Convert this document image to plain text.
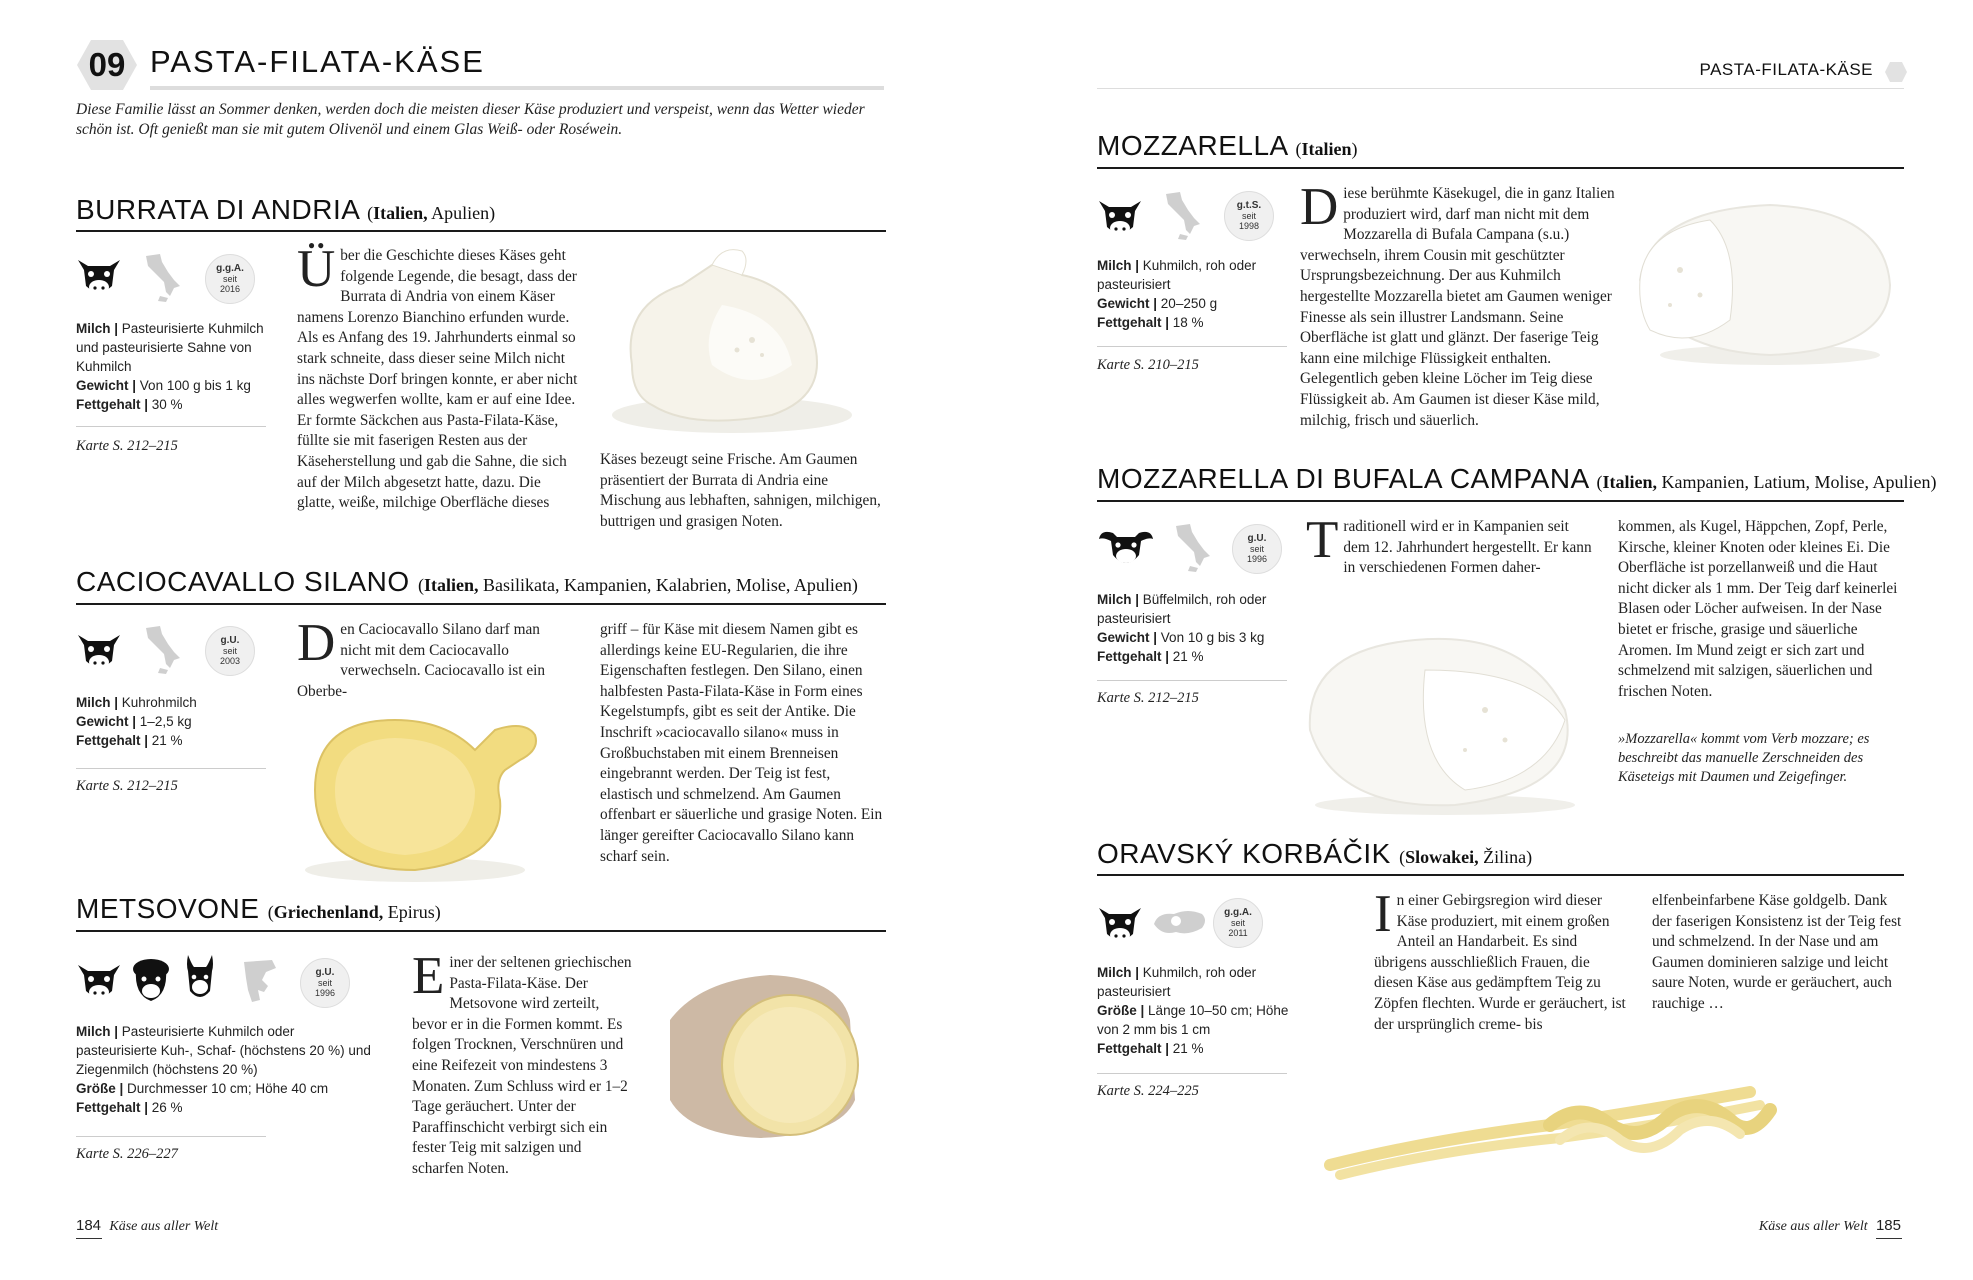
09 PASTA-FILATA-KÄSE
Diese Familie lässt an Sommer denken, werden doch die meisten dieser Käse produziert und verspeist, wenn das Wetter wieder schön ist. Oft genießt man sie mit gutem Olivenöl und einem Glas Weiß- oder Roséwein.
BURRATA DI ANDRIA (Italien, Apulien)
g.g.A.
seit
2016
Milch | Pasteurisierte Kuhmilch und pasteurisierte Sahne von Kuhmilch
Gewicht | Von 100 g bis 1 kg
Fettgehalt | 30 %
Karte S. 212–215
Über die Geschichte dieses Käses geht folgende Legende, die besagt, dass der Burrata di Andria von einem Käser namens Lorenzo Bianchino erfunden wurde. Als es Anfang des 19. Jahrhunderts einmal so stark schneite, dass dieser seine Milch nicht ins nächste Dorf bringen konnte, er aber nicht alles wegwerfen wollte, kam er auf eine Idee. Er formte Säckchen aus Pasta-Filata-Käse, füllte sie mit faserigen Resten aus der Käseherstellung und gab die Sahne, die sich auf der Milch abgesetzt hatte, dazu. Die glatte, weiße, milchige Oberfläche dieses
Käses bezeugt seine Frische. Am Gaumen präsentiert der Burrata di Andria eine Mischung aus lebhaften, sahnigen, milchigen, buttrigen und grasigen Noten.
CACIOCAVALLO SILANO (Italien, Basilikata, Kampanien, Kalabrien, Molise, Apulien)
g.U.
seit
2003
Milch | Kuhrohmilch
Gewicht | 1–2,5 kg
Fettgehalt | 21 %
Karte S. 212–215
Den Caciocavallo Silano darf man nicht mit dem Caciocavallo verwechseln. Caciocavallo ist ein Oberbe-
griff – für Käse mit diesem Namen gibt es allerdings keine EU-Regularien, die ihre Eigenschaften festlegen. Den Silano, einen halbfesten Pasta-Filata-Käse in Form eines Kegelstumpfs, gibt es seit der Antike. Die Inschrift »caciocavallo silano« muss in Großbuchstaben mit einem Brenneisen eingebrannt werden. Der Teig ist fest, elastisch und schmelzend. Am Gaumen offenbart er säuerliche und grasige Noten. Ein länger gereifter Caciocavallo Silano kann scharf sein.
METSOVONE (Griechenland, Epirus)
g.U.
seit
1996
Milch | Pasteurisierte Kuhmilch oder pasteurisierte Kuh-, Schaf- (höchstens 20 %) und Ziegenmilch (höchstens 20 %)
Größe | Durchmesser 10 cm; Höhe 40 cm
Fettgehalt | 26 %
Karte S. 226–227
Einer der seltenen griechischen Pasta-Filata-Käse. Der Metsovone wird zerteilt, bevor er in die Formen kommt. Es folgen Trocknen, Verschnüren und eine Reifezeit von mindestens 3 Monaten. Zum Schluss wird er 1–2 Tage geräuchert. Unter der Paraffinschicht verbirgt sich ein fester Teig mit salzigen und scharfen Noten.
184 Käse aus aller Welt
PASTA-FILATA-KÄSE
MOZZARELLA (Italien)
g.t.S.
seit
1998
Milch | Kuhmilch, roh oder pasteurisiert
Gewicht | 20–250 g
Fettgehalt | 18 %
Karte S. 210–215
Diese berühmte Käsekugel, die in ganz Italien produziert wird, darf man nicht mit dem Mozzarella di Bufala Campana (s.u.) verwechseln, ihrem Cousin mit geschützter Ursprungsbezeichnung. Der aus Kuhmilch hergestellte Mozzarella bietet am Gaumen weniger Finesse als sein illustrer Landsmann. Seine Oberfläche ist glatt und glänzt. Der faserige Teig kann eine milchige Flüssigkeit enthalten. Gelegentlich geben kleine Löcher im Teig diese Flüssigkeit ab. Am Gaumen ist dieser Käse mild, milchig, frisch und säuerlich.
MOZZARELLA DI BUFALA CAMPANA (Italien, Kampanien, Latium, Molise, Apulien)
g.U.
seit
1996
Milch | Büffelmilch, roh oder pasteurisiert
Gewicht | Von 10 g bis 3 kg
Fettgehalt | 21 %
Karte S. 212–215
Traditionell wird er in Kampanien seit dem 12. Jahrhundert hergestellt. Er kann in verschiedenen Formen daher-
kommen, als Kugel, Häppchen, Zopf, Perle, Kirsche, kleiner Knoten oder kleines Ei. Die Oberfläche ist porzellanweiß und die Haut nicht dicker als 1 mm. Der Teig darf keinerlei Blasen oder Löcher aufweisen. In der Nase bietet er frische, grasige und säuerliche Aromen. Im Mund zeigt er sich zart und schmelzend mit salzigen, säuerlichen und frischen Noten.
»Mozzarella« kommt vom Verb mozzare; es beschreibt das manuelle Zerschneiden des Käseteigs mit Daumen und Zeigefinger.
ORAVSKÝ KORBÁČIK (Slowakei, Žilina)
g.g.A.
seit
2011
Milch | Kuhmilch, roh oder pasteurisiert
Größe | Länge 10–50 cm; Höhe von 2 mm bis 1 cm
Fettgehalt | 21 %
Karte S. 224–225
In einer Gebirgsregion wird dieser Käse produziert, mit einem großen Anteil an Handarbeit. Es sind übrigens ausschließlich Frauen, die diesen Käse aus gedämpftem Teig zu Zöpfen flechten. Wurde er geräuchert, ist der ursprünglich creme- bis
elfenbeinfarbene Käse goldgelb. Dank der faserigen Konsistenz ist der Teig fest und schmelzend. In der Nase und am Gaumen dominieren salzige und leicht saure Noten, wurde er geräuchert, auch rauchige …
Käse aus aller Welt 185
